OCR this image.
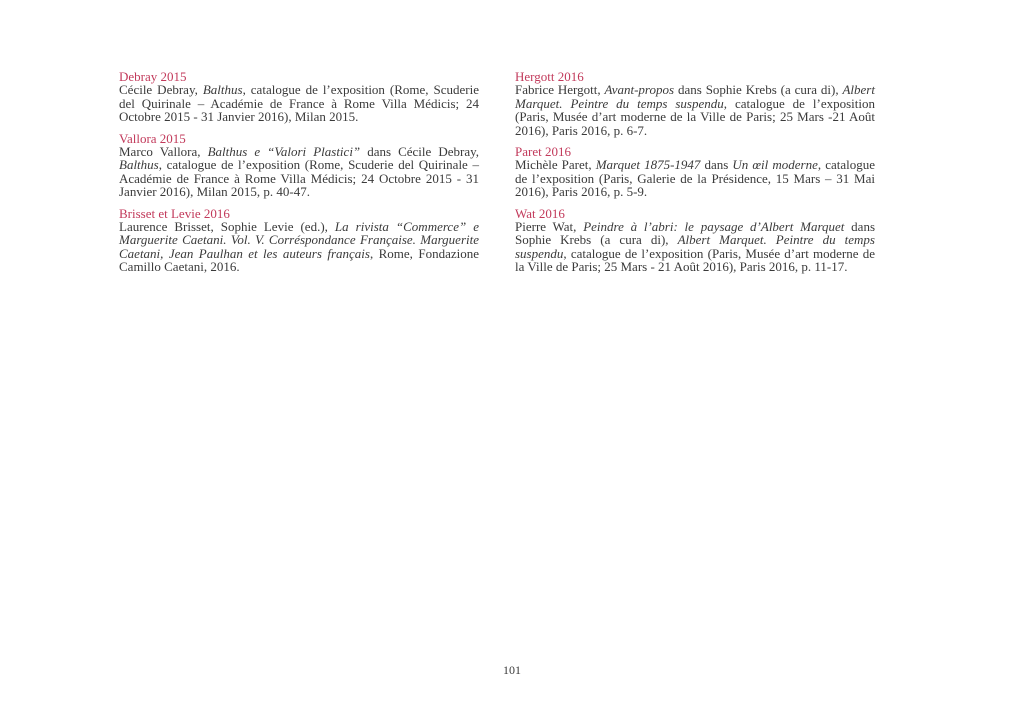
Debray 2015

Cécile Debray, Balthus, catalogue de l’exposition (Rome, Scuderie del Quirinale – Académie de France à Rome Villa Médicis; 24 Octobre 2015 - 31 Janvier 2016), Milan 2015.

Vallora 2015

Marco Vallora, Balthus e “Valori Plastici” dans Cécile Debray, Balthus, catalogue de l’exposition (Rome, Scuderie del Quirinale – Académie de France à Rome Villa Médicis; 24 Octobre 2015 - 31 Janvier 2016), Milan 2015, p. 40-47.

Brisset et Levie 2016

Laurence Brisset, Sophie Levie (ed.), La rivista “Commerce” e Marguerite Caetani. Vol. V. Corréspondance Française. Marguerite Caetani, Jean Paulhan et les auteurs français, Rome, Fondazione Camillo Caetani, 2016.

Hergott 2016

Fabrice Hergott, Avant-propos dans Sophie Krebs (a cura di), Albert Marquet. Peintre du temps suspendu, catalogue de l’exposition (Paris, Musée d’art moderne de la Ville de Paris; 25 Mars -21 Août 2016), Paris 2016, p. 6-7.

Paret 2016

Michèle Paret, Marquet 1875-1947 dans Un œil moderne, catalogue de l’exposition (Paris, Galerie de la Présidence, 15 Mars – 31 Mai 2016), Paris 2016, p. 5-9.

Wat 2016

Pierre Wat, Peindre à l’abri: le paysage d’Albert Marquet dans Sophie Krebs (a cura di), Albert Marquet. Peintre du temps suspendu, catalogue de l’exposition (Paris, Musée d’art moderne de la Ville de Paris; 25 Mars - 21 Août 2016), Paris 2016, p. 11-17.

101
